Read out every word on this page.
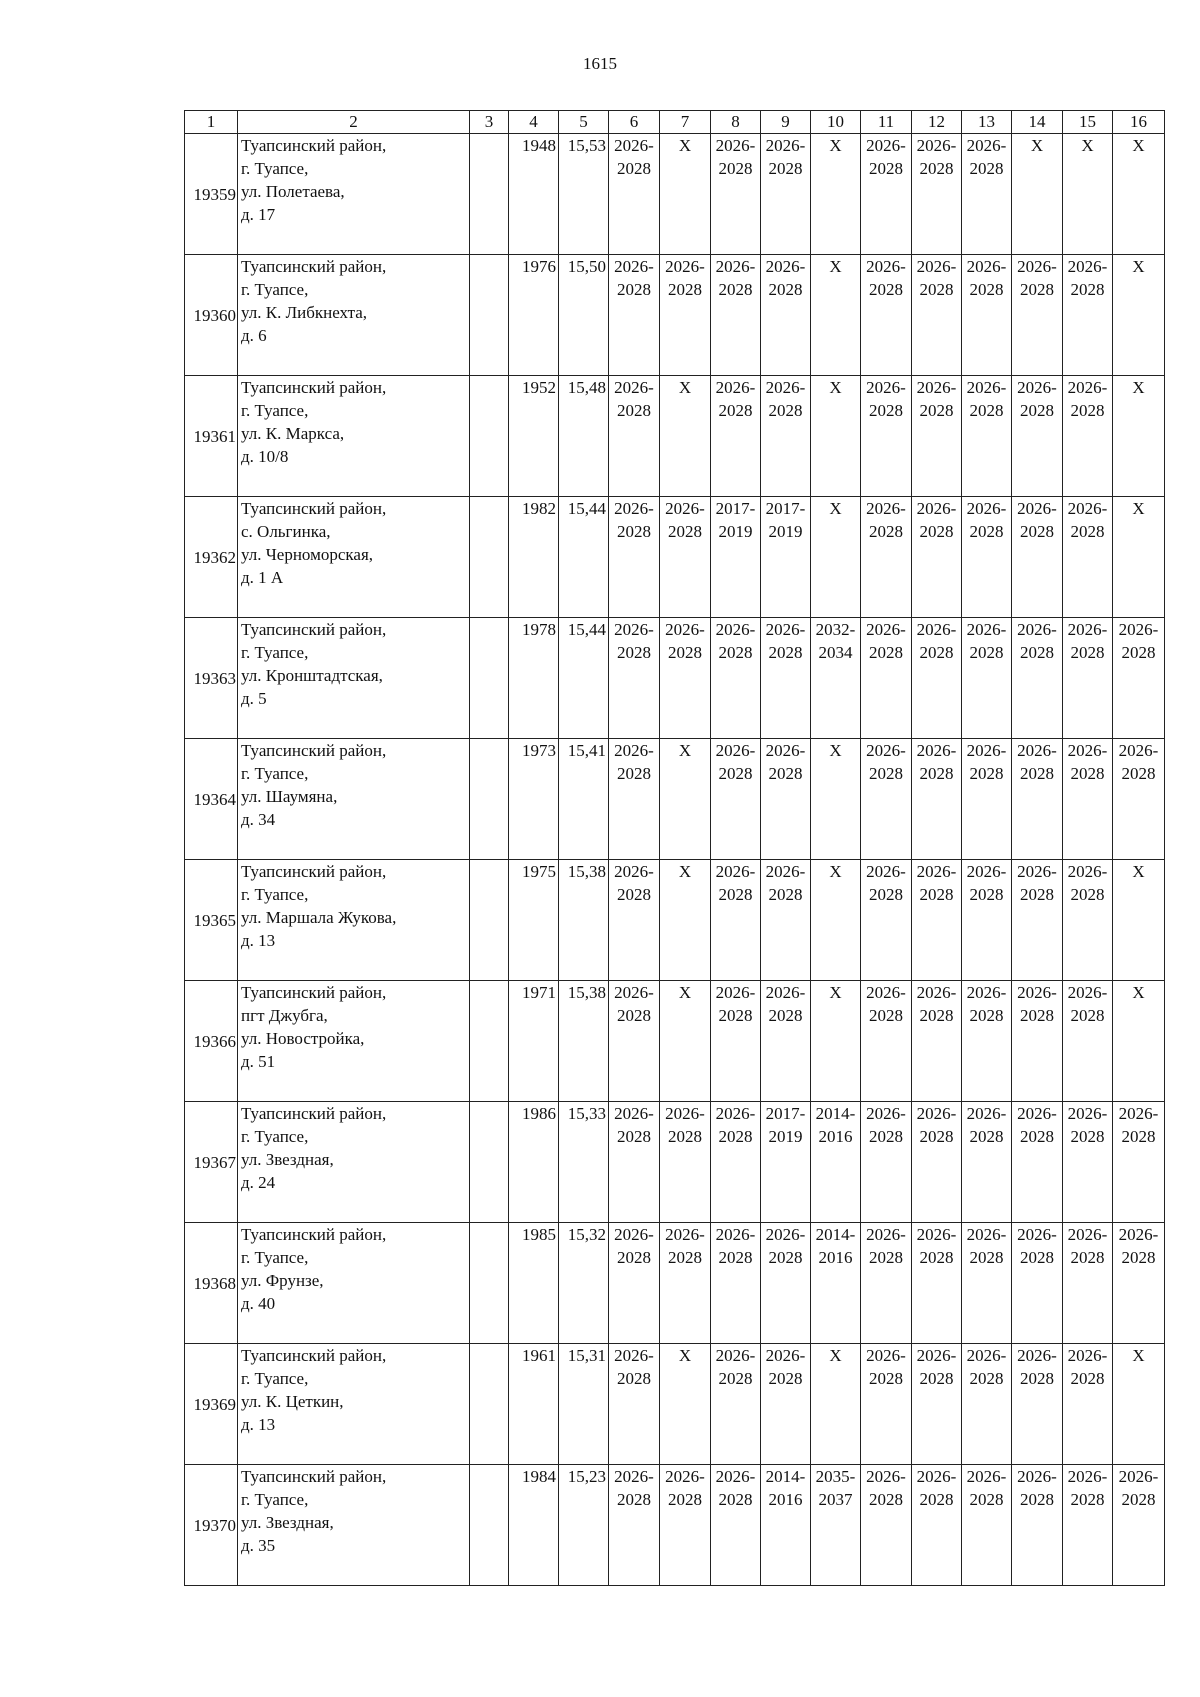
1615
1	2	3	4	5	6	7	8	9	10	11	12	13	14	15	16
19359	Туапсинский район,
г. Туапсе,
ул. Полетаева,
д. 17		1948	15,53	2026-
2028	X	2026-
2028	2026-
2028	X	2026-
2028	2026-
2028	2026-
2028	X	X	X

19360	Туапсинский район,
г. Туапсе,
ул. К. Либкнехта,
д. 6		1976	15,50	2026-
2028	2026-
2028	2026-
2028	2026-
2028	X	2026-
2028	2026-
2028	2026-
2028	2026-
2028	2026-
2028	X

19361	Туапсинский район,
г. Туапсе,
ул. К. Маркса,
д. 10/8		1952	15,48	2026-
2028	X	2026-
2028	2026-
2028	X	2026-
2028	2026-
2028	2026-
2028	2026-
2028	2026-
2028	X

19362	Туапсинский район,
с. Ольгинка,
ул. Черноморская,
д. 1 А		1982	15,44	2026-
2028	2026-
2028	2017-
2019	2017-
2019	X	2026-
2028	2026-
2028	2026-
2028	2026-
2028	2026-
2028	X

19363	Туапсинский район,
г. Туапсе,
ул. Кронштадтская,
д. 5		1978	15,44	2026-
2028	2026-
2028	2026-
2028	2026-
2028	2032-
2034	2026-
2028	2026-
2028	2026-
2028	2026-
2028	2026-
2028	2026-
2028

19364	Туапсинский район,
г. Туапсе,
ул. Шаумяна,
д. 34		1973	15,41	2026-
2028	X	2026-
2028	2026-
2028	X	2026-
2028	2026-
2028	2026-
2028	2026-
2028	2026-
2028	2026-
2028

19365	Туапсинский район,
г. Туапсе,
ул. Маршала Жукова,
д. 13		1975	15,38	2026-
2028	X	2026-
2028	2026-
2028	X	2026-
2028	2026-
2028	2026-
2028	2026-
2028	2026-
2028	X

19366	Туапсинский район,
пгт Джубга,
ул. Новостройка,
д. 51		1971	15,38	2026-
2028	X	2026-
2028	2026-
2028	X	2026-
2028	2026-
2028	2026-
2028	2026-
2028	2026-
2028	X

19367	Туапсинский район,
г. Туапсе,
ул. Звездная,
д. 24		1986	15,33	2026-
2028	2026-
2028	2026-
2028	2017-
2019	2014-
2016	2026-
2028	2026-
2028	2026-
2028	2026-
2028	2026-
2028	2026-
2028

19368	Туапсинский район,
г. Туапсе,
ул. Фрунзе,
д. 40		1985	15,32	2026-
2028	2026-
2028	2026-
2028	2026-
2028	2014-
2016	2026-
2028	2026-
2028	2026-
2028	2026-
2028	2026-
2028	2026-
2028

19369	Туапсинский район,
г. Туапсе,
ул. К. Цеткин,
д. 13		1961	15,31	2026-
2028	X	2026-
2028	2026-
2028	X	2026-
2028	2026-
2028	2026-
2028	2026-
2028	2026-
2028	X

19370	Туапсинский район,
г. Туапсе,
ул. Звездная,
д. 35		1984	15,23	2026-
2028	2026-
2028	2026-
2028	2014-
2016	2035-
2037	2026-
2028	2026-
2028	2026-
2028	2026-
2028	2026-
2028	2026-
2028
